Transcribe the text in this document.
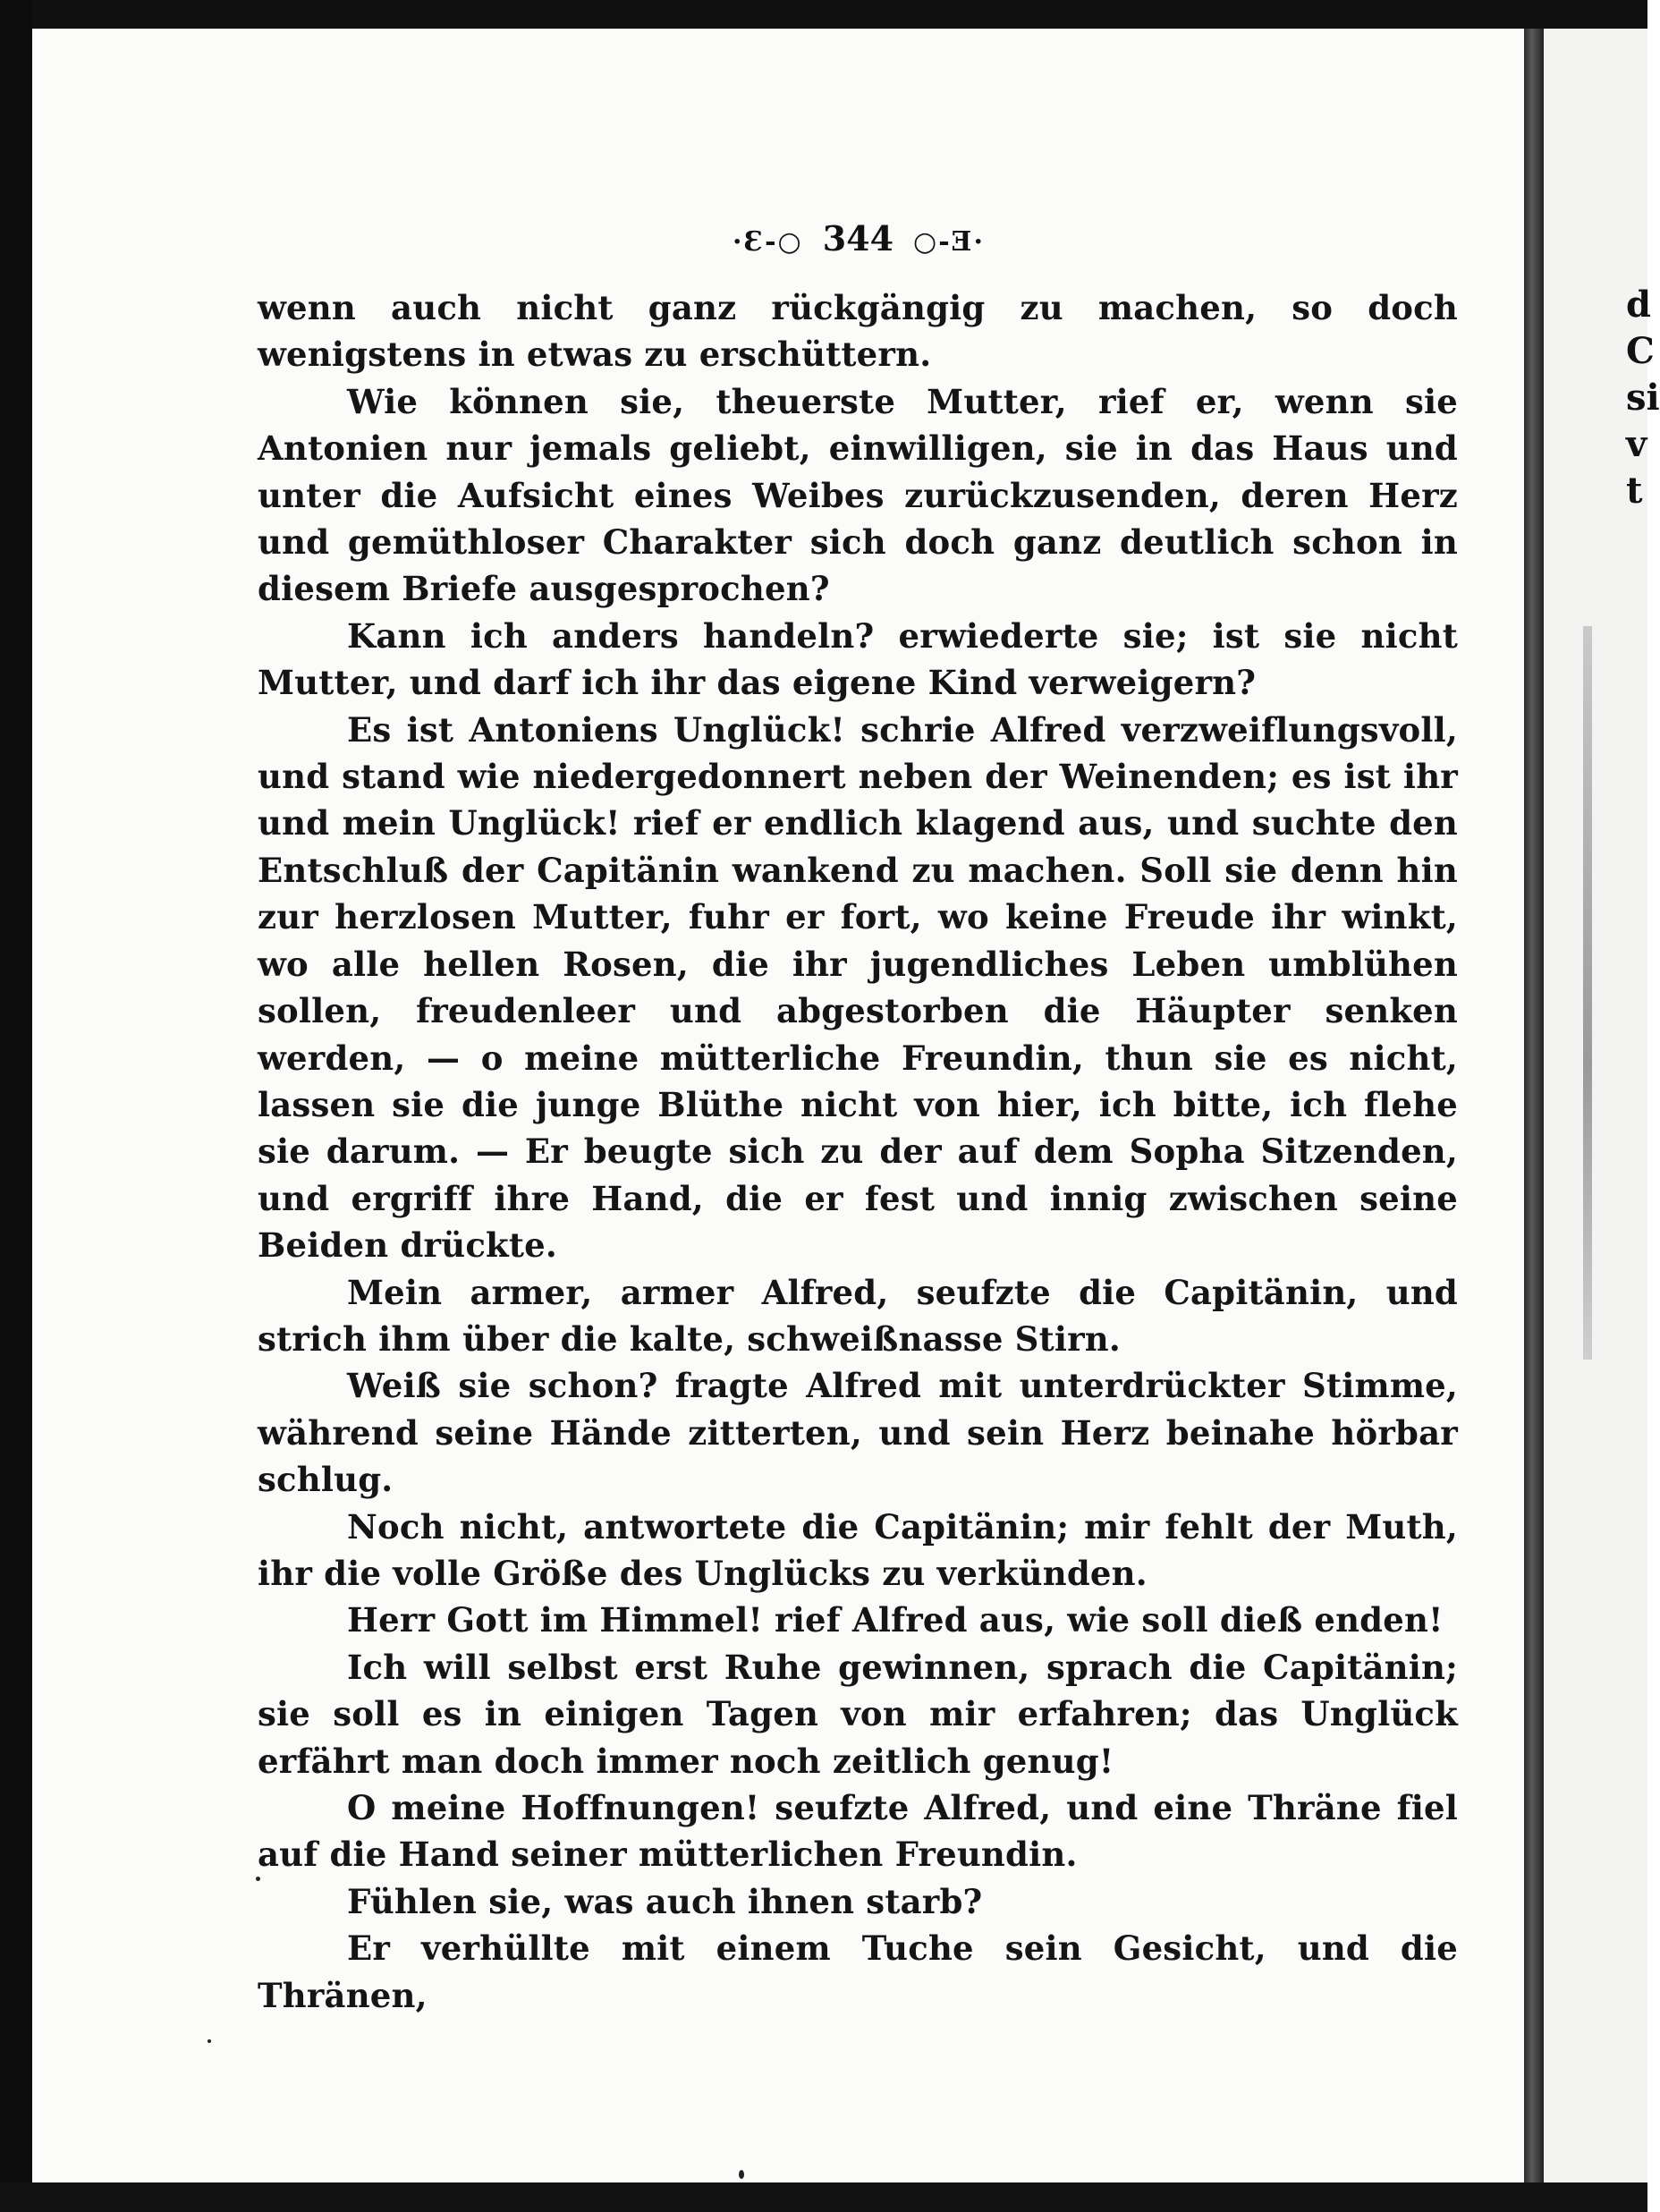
d
C
si
v
t
·Ɛ-○ 344 ○-Ǝ·

wenn auch nicht ganz rückgängig zu machen, so doch wenigstens in etwas zu erschüttern.

Wie können sie, theuerste Mutter, rief er, wenn sie Antonien nur jemals geliebt, einwilligen, sie in das Haus und unter die Aufsicht eines Weibes zurückzusenden, deren Herz und gemüthloser Charakter sich doch ganz deutlich schon in diesem Briefe ausgesprochen?

Kann ich anders handeln? erwiederte sie; ist sie nicht Mutter, und darf ich ihr das eigene Kind verweigern?

Es ist Antoniens Unglück! schrie Alfred verzweiflungsvoll, und stand wie niedergedonnert neben der Weinenden; es ist ihr und mein Unglück! rief er endlich klagend aus, und suchte den Entschluß der Capitänin wankend zu machen. Soll sie denn hin zur herzlosen Mutter, fuhr er fort, wo keine Freude ihr winkt, wo alle hellen Rosen, die ihr jugendliches Leben umblühen sollen, freudenleer und abgestorben die Häupter senken werden, — o meine mütterliche Freundin, thun sie es nicht, lassen sie die junge Blüthe nicht von hier, ich bitte, ich flehe sie darum. — Er beugte sich zu der auf dem Sopha Sitzenden, und ergriff ihre Hand, die er fest und innig zwischen seine Beiden drückte.

Mein armer, armer Alfred, seufzte die Capitänin, und strich ihm über die kalte, schweißnasse Stirn.

Weiß sie schon? fragte Alfred mit unterdrückter Stimme, während seine Hände zitterten, und sein Herz beinahe hörbar schlug.

Noch nicht, antwortete die Capitänin; mir fehlt der Muth, ihr die volle Größe des Unglücks zu verkünden.

Herr Gott im Himmel! rief Alfred aus, wie soll dieß enden!

Ich will selbst erst Ruhe gewinnen, sprach die Capitänin; sie soll es in einigen Tagen von mir erfahren; das Unglück erfährt man doch immer noch zeitlich genug!

O meine Hoffnungen! seufzte Alfred, und eine Thräne fiel auf die Hand seiner mütterlichen Freundin.

Fühlen sie, was auch ihnen starb?

Er verhüllte mit einem Tuche sein Gesicht, und die Thränen,
